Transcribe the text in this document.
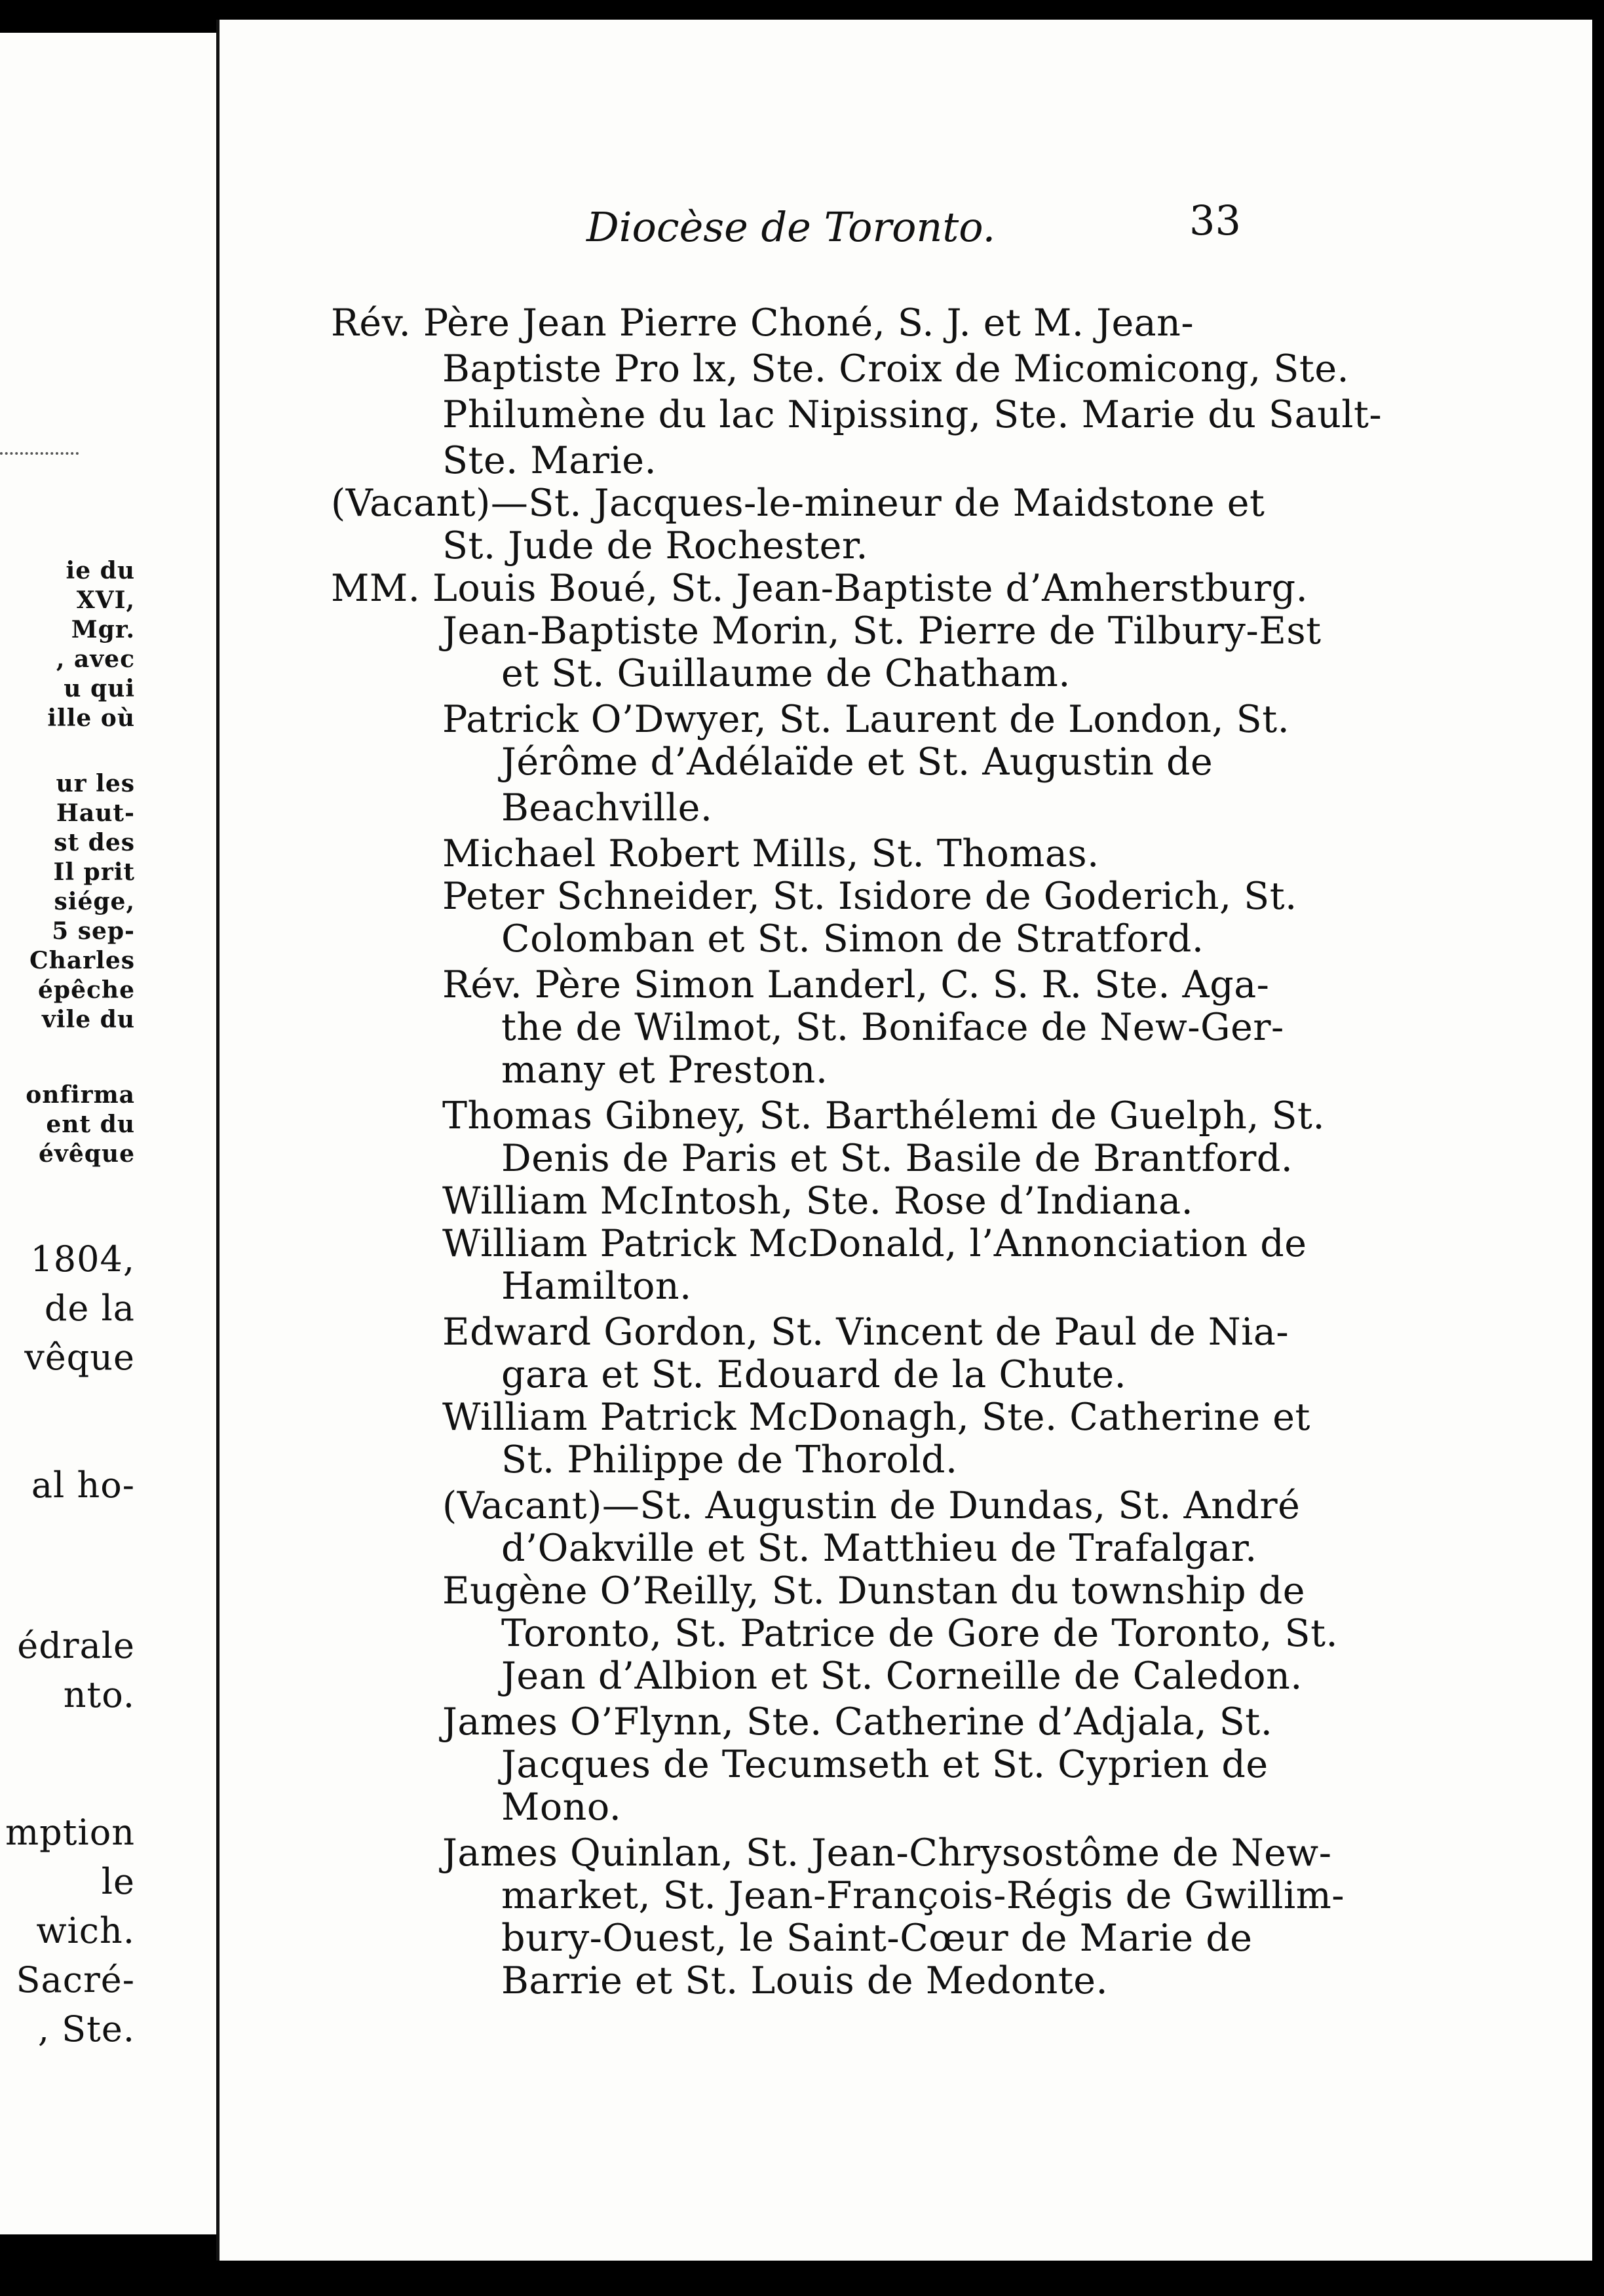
ie du
XVI,
Mgr.
, avec
u qui
ille où
ur les
Haut-
st des
Il prit
siége,
5 sep-
Charles
épêche
vile du
onfirma
ent du
évêque
1804,
de la
vêque
al ho-
édrale
nto.
mption
le
wich.
Sacré-
, Ste.
Diocèse de Toronto.	33
Rév. Père Jean Pierre Choné, S. J. et M. Jean-
Baptiste Pro lx, Ste. Croix de Micomicong, Ste.
Philumène du lac Nipissing, Ste. Marie du Sault-
Ste. Marie.
(Vacant)—St. Jacques-le-mineur de Maidstone et
St. Jude de Rochester.
MM. Louis Boué, St. Jean-Baptiste d’Amherstburg.
Jean-Baptiste Morin, St. Pierre de Tilbury-Est
et St. Guillaume de Chatham.
Patrick O’Dwyer, St. Laurent de London, St.
Jérôme d’Adélaïde et St. Augustin de
Beachville.
Michael Robert Mills, St. Thomas.
Peter Schneider, St. Isidore de Goderich, St.
Colomban et St. Simon de Stratford.
Rév. Père Simon Landerl, C. S. R. Ste. Aga-
the de Wilmot, St. Boniface de New-Ger-
many et Preston.
Thomas Gibney, St. Barthélemi de Guelph, St.
Denis de Paris et St. Basile de Brantford.
William McIntosh, Ste. Rose d’Indiana.
William Patrick McDonald, l’Annonciation de
Hamilton.
Edward Gordon, St. Vincent de Paul de Nia-
gara et St. Edouard de la Chute.
William Patrick McDonagh, Ste. Catherine et
St. Philippe de Thorold.
(Vacant)—St. Augustin de Dundas, St. André
d’Oakville et St. Matthieu de Trafalgar.
Eugène O’Reilly, St. Dunstan du township de
Toronto, St. Patrice de Gore de Toronto, St.
Jean d’Albion et St. Corneille de Caledon.
James O’Flynn, Ste. Catherine d’Adjala, St.
Jacques de Tecumseth et St. Cyprien de
Mono.
James Quinlan, St. Jean-Chrysostôme de New-
market, St. Jean-François-Régis de Gwillim-
bury-Ouest, le Saint-Cœur de Marie de
Barrie et St. Louis de Medonte.
